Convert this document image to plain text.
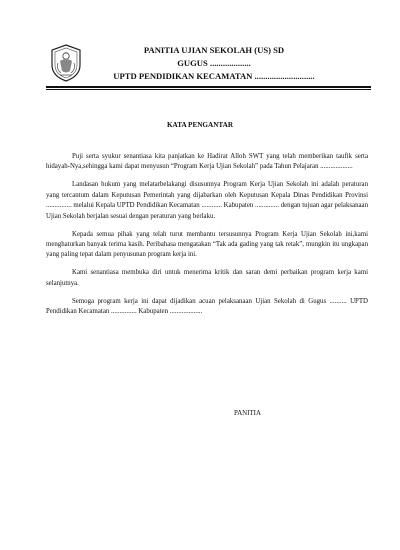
PANITIA UJIAN SEKOLAH (US) SD
GUGUS ...................
UPTD PENDIDIKAN KECAMATAN ............................
KATA PENGANTAR

Puji serta syukur senantiasa kita panjatkan ke Hadirat Alloh SWT yang telah memberikan taufik serta hidayah-Nya,sehingga kami dapat menyusun “Program Kerja Ujian Sekolah” pada Tahun Pelajaran ...................

Landasan hukum yang melatarbelakangi disusunnya Program Kerja Ujian Sekolah ini adalah peraturan yang tercantum dalam Keputusan Pemerintah yang dijabarkan oleh Keputusan Kepala Dinas Pendidikan Provinsi ............... melalui Kepala UPTD Pendidikan Kecamatan ............ Kabupaten .............. dengan tujuan agar pelaksanaan Ujian Sekolah berjalan sesuai dengan peraturan yang berlaku.

Kepada semua pihak yang telah turut membantu tersusunnya Program Kerja Ujian Sekolah ini,kami menghaturkan banyak terima kasih. Peribahasa mengatakan “Tak ada gading yang tak retak”, mungkin itu ungkapan yang paling tepat dalam penyusunan program kerja ini.

Kami senantiasa membuka diri untuk menerima kritik dan saran demi perbaikan program kerja kami selanjutnya.

Semoga program kerja ini dapat dijadikan acuan pelaksanaan Ujian Sekolah di Gugus .......... UPTD Pendidikan Kecamatan ............... Kabupaten ...................

PANITIA
